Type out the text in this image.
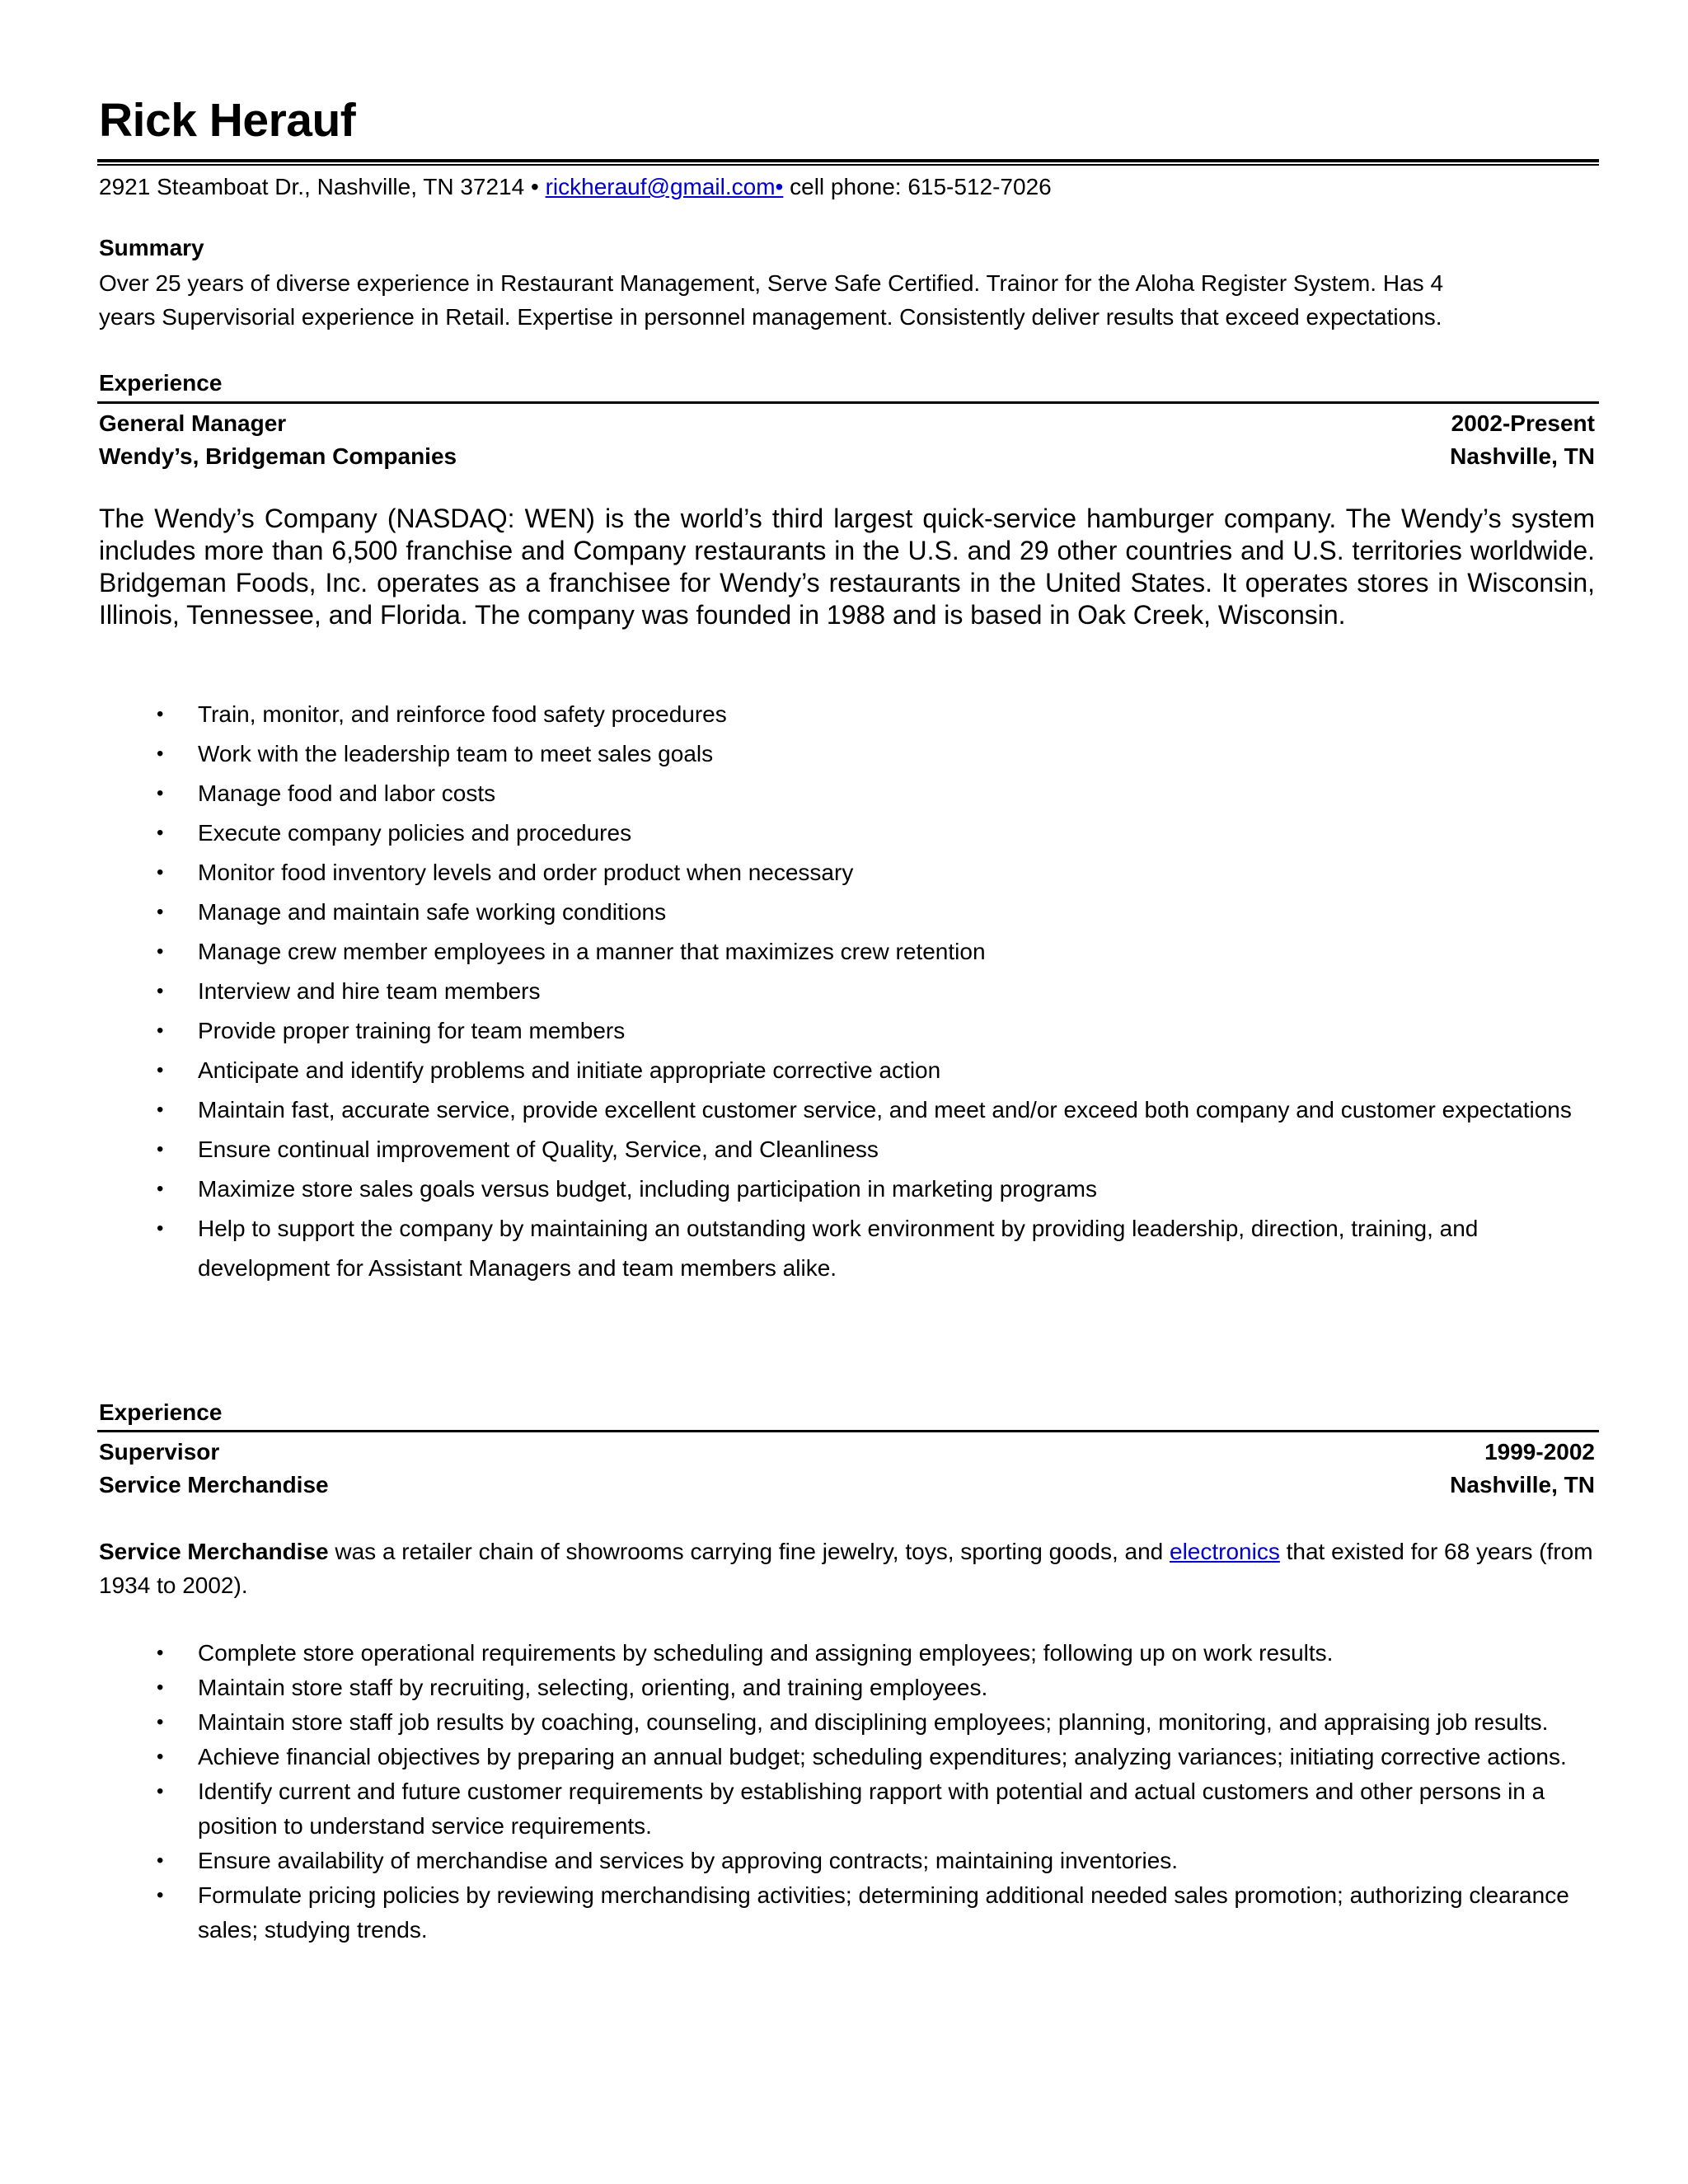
Rick Herauf
2921 Steamboat Dr., Nashville, TN 37214 • rickherauf@gmail.com• cell phone: 615-512-7026
Summary
Over 25 years of diverse experience in Restaurant Management, Serve Safe Certified. Trainor for the Aloha Register System. Has 4
years Supervisorial experience in Retail. Expertise in personnel management. Consistently deliver results that exceed expectations.
Experience
General Manager	2002-Present
Wendy’s, Bridgeman Companies	Nashville, TN
The Wendy’s Company (NASDAQ: WEN) is the world’s third largest quick-service hamburger company. The Wendy’s system includes more than 6,500 franchise and Company restaurants in the U.S. and 29 other countries and U.S. territories worldwide. Bridgeman Foods, Inc. operates as a franchisee for Wendy’s restaurants in the United States. It operates stores in Wisconsin, Illinois, Tennessee, and Florida. The company was founded in 1988 and is based in Oak Creek, Wisconsin.
• Train, monitor, and reinforce food safety procedures
• Work with the leadership team to meet sales goals
• Manage food and labor costs
• Execute company policies and procedures
• Monitor food inventory levels and order product when necessary
• Manage and maintain safe working conditions
• Manage crew member employees in a manner that maximizes crew retention
• Interview and hire team members
• Provide proper training for team members
• Anticipate and identify problems and initiate appropriate corrective action
• Maintain fast, accurate service, provide excellent customer service, and meet and/or exceed both company and customer expectations
• Ensure continual improvement of Quality, Service, and Cleanliness
• Maximize store sales goals versus budget, including participation in marketing programs
• Help to support the company by maintaining an outstanding work environment by providing leadership, direction, training, and development for Assistant Managers and team members alike.
Experience
Supervisor	1999-2002
Service Merchandise	Nashville, TN
Service Merchandise was a retailer chain of showrooms carrying fine jewelry, toys, sporting goods, and electronics that existed for 68 years (from 1934 to 2002).
• Complete store operational requirements by scheduling and assigning employees; following up on work results.
• Maintain store staff by recruiting, selecting, orienting, and training employees.
• Maintain store staff job results by coaching, counseling, and disciplining employees; planning, monitoring, and appraising job results.
• Achieve financial objectives by preparing an annual budget; scheduling expenditures; analyzing variances; initiating corrective actions.
• Identify current and future customer requirements by establishing rapport with potential and actual customers and other persons in a position to understand service requirements.
• Ensure availability of merchandise and services by approving contracts; maintaining inventories.
• Formulate pricing policies by reviewing merchandising activities; determining additional needed sales promotion; authorizing clearance sales; studying trends.
